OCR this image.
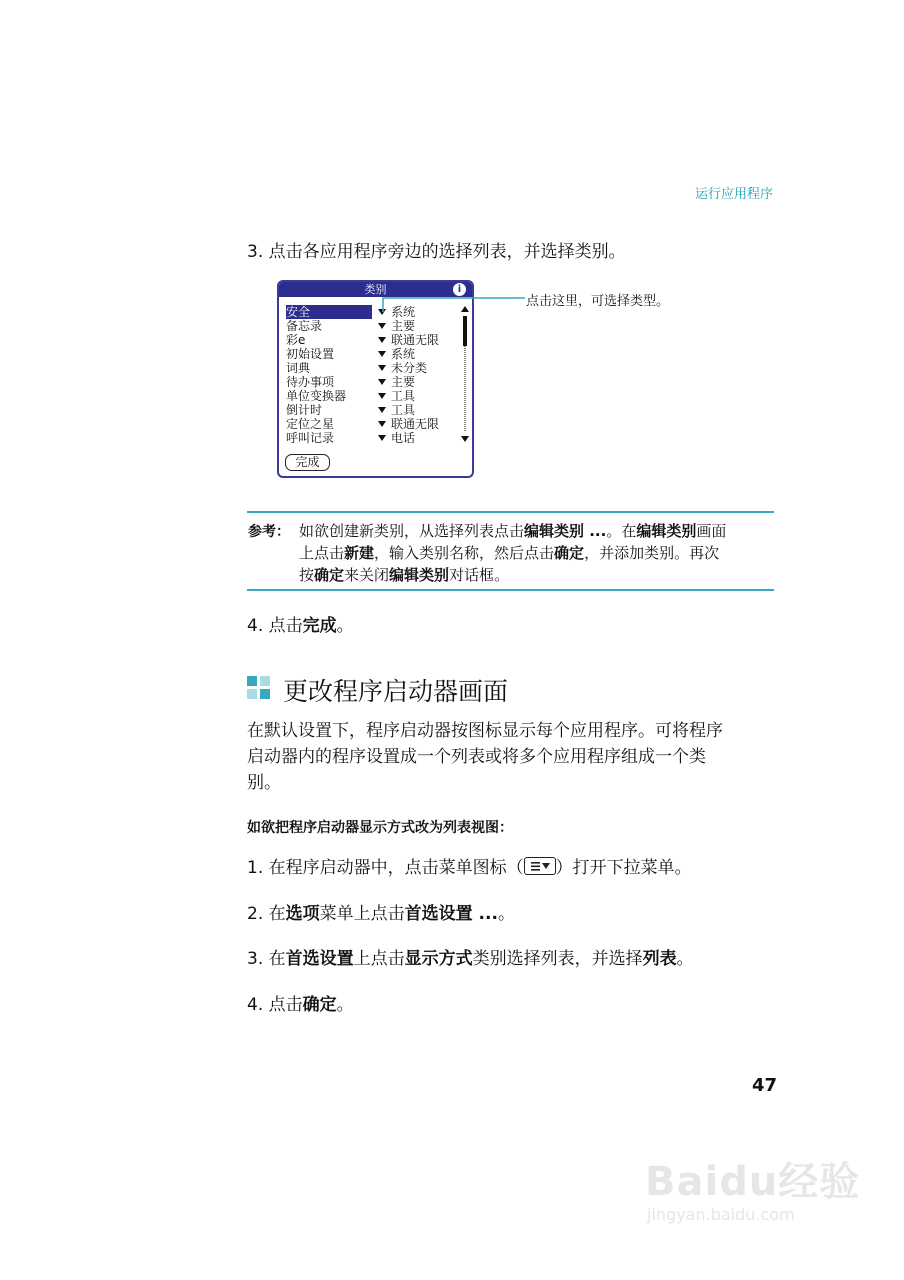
运行应用程序
3. 点击各应用程序旁边的选择列表，并选择类别。
类别	i
安全	系统
备忘录	主要
彩e	联通无限
初始设置	系统
词典	未分类
待办事项	主要
单位变换器	工具
倒计时	工具
定位之星	联通无限
呼叫记录	电话
完成
点击这里，可选择类型。
参考： 如欲创建新类别，从选择列表点击编辑类别 ...。在编辑类别画面
上点击新建，输入类别名称，然后点击确定，并添加类别。再次
按确定来关闭编辑类别对话框。
4. 点击完成。
更改程序启动器画面
在默认设置下，程序启动器按图标显示每个应用程序。可将程序
启动器内的程序设置成一个列表或将多个应用程序组成一个类
别。
如欲把程序启动器显示方式改为列表视图：
1. 在程序启动器中，点击菜单图标（ ）打开下拉菜单。
2. 在选项菜单上点击首选设置 ...。
3. 在首选设置上点击显示方式类别选择列表，并选择列表。
4. 点击确定。
47
Baidu经验
jingyan.baidu.com
